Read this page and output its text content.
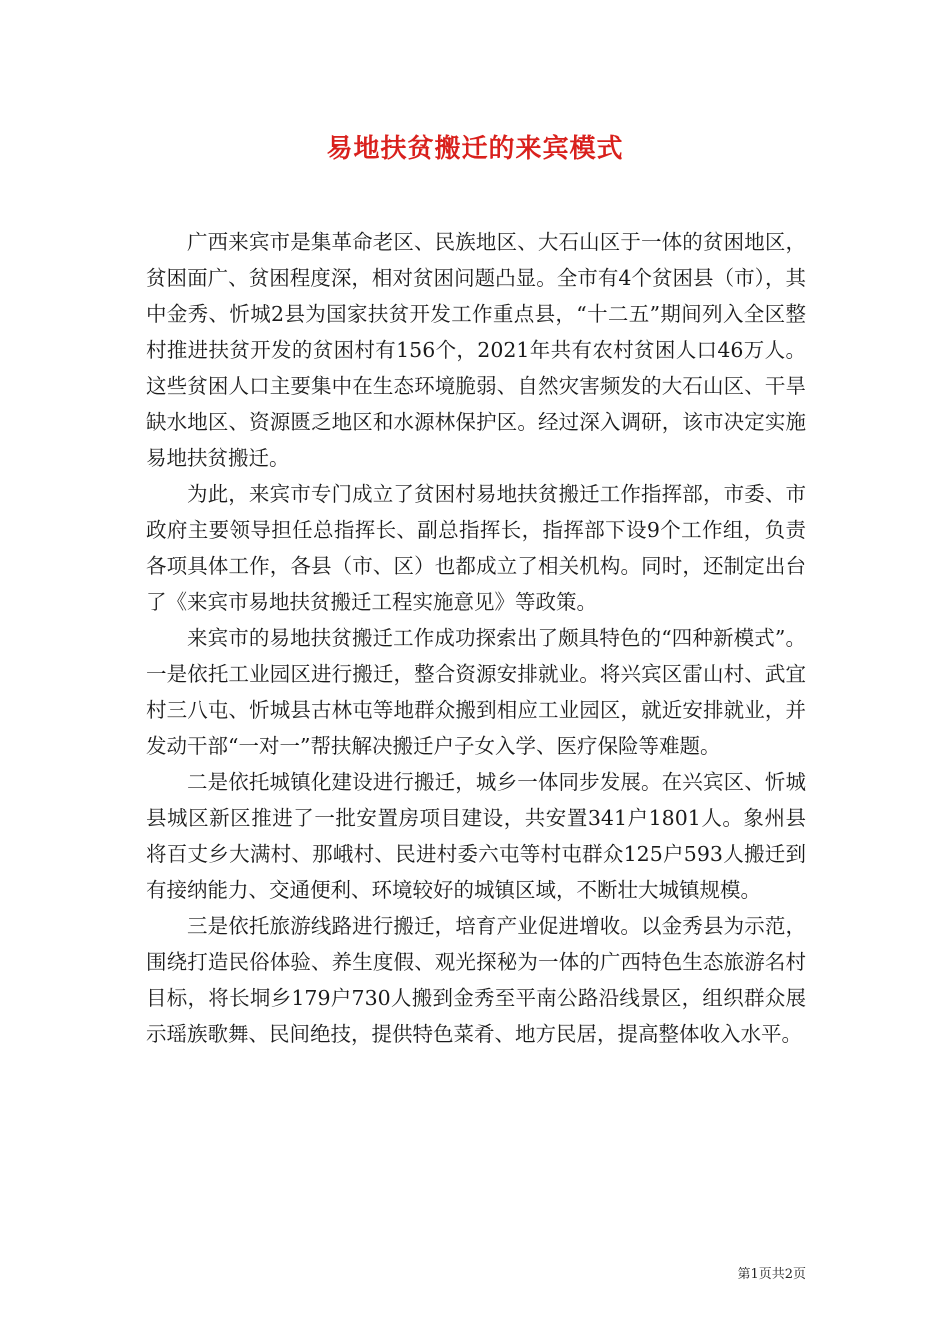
易地扶贫搬迁的来宾模式

广西来宾市是集革命老区、民族地区、大石山区于一体的贫困地区，贫困面广、贫困程度深，相对贫困问题凸显。全市有4个贫困县（市），其中金秀、忻城2县为国家扶贫开发工作重点县，“十二五”期间列入全区整村推进扶贫开发的贫困村有156个，2021年共有农村贫困人口46万人。这些贫困人口主要集中在生态环境脆弱、自然灾害频发的大石山区、干旱缺水地区、资源匮乏地区和水源林保护区。经过深入调研，该市决定实施易地扶贫搬迁。

为此，来宾市专门成立了贫困村易地扶贫搬迁工作指挥部，市委、市政府主要领导担任总指挥长、副总指挥长，指挥部下设9个工作组，负责各项具体工作，各县（市、区）也都成立了相关机构。同时，还制定出台了《来宾市易地扶贫搬迁工程实施意见》等政策。

来宾市的易地扶贫搬迁工作成功探索出了颇具特色的“四种新模式”。一是依托工业园区进行搬迁，整合资源安排就业。将兴宾区雷山村、武宜村三八屯、忻城县古林屯等地群众搬到相应工业园区，就近安排就业，并发动干部“一对一”帮扶解决搬迁户子女入学、医疗保险等难题。

二是依托城镇化建设进行搬迁，城乡一体同步发展。在兴宾区、忻城县城区新区推进了一批安置房项目建设，共安置341户1801人。象州县将百丈乡大满村、那峨村、民进村委六屯等村屯群众125户593人搬迁到有接纳能力、交通便利、环境较好的城镇区域，不断壮大城镇规模。

三是依托旅游线路进行搬迁，培育产业促进增收。以金秀县为示范，围绕打造民俗体验、养生度假、观光探秘为一体的广西特色生态旅游名村目标，将长垌乡179户730人搬到金秀至平南公路沿线景区，组织群众展示瑶族歌舞、民间绝技，提供特色菜肴、地方民居，提高整体收入水平。

第1页共2页
